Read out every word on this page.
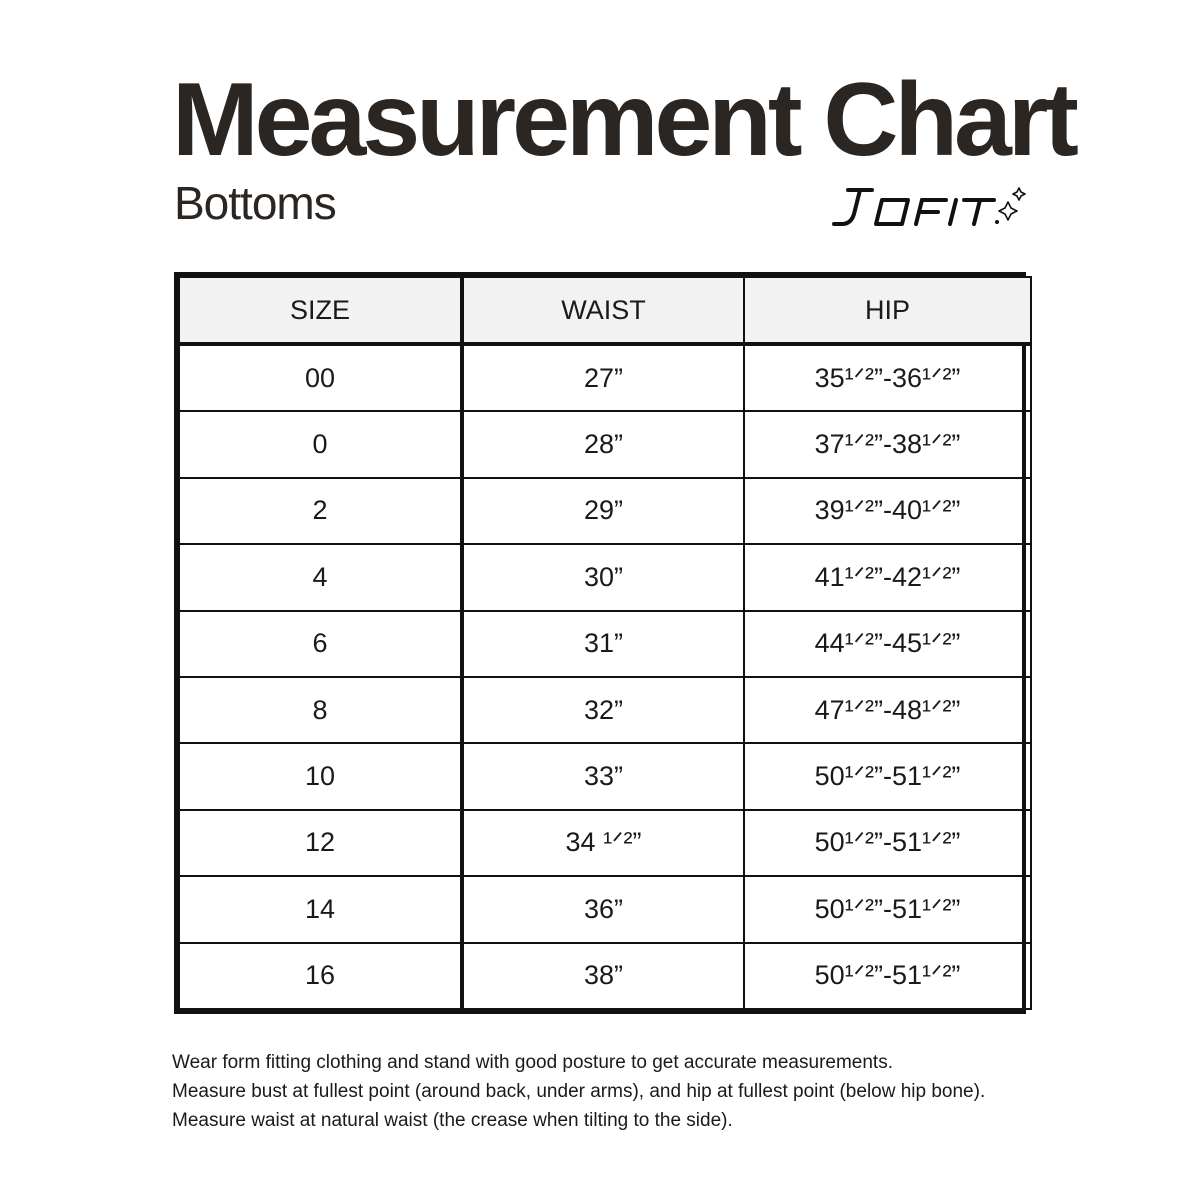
Measurement Chart
Bottoms
SIZE	WAIST	HIP
00	27”	35¹ᐟ²”-36¹ᐟ²”
0	28”	37¹ᐟ²”-38¹ᐟ²”
2	29”	39¹ᐟ²”-40¹ᐟ²”
4	30”	41¹ᐟ²”-42¹ᐟ²”
6	31”	44¹ᐟ²”-45¹ᐟ²”
8	32”	47¹ᐟ²”-48¹ᐟ²”
10	33”	50¹ᐟ²”-51¹ᐟ²”
12	34 ¹ᐟ²”	50¹ᐟ²”-51¹ᐟ²”
14	36”	50¹ᐟ²”-51¹ᐟ²”
16	38”	50¹ᐟ²”-51¹ᐟ²”

Wear form fitting clothing and stand with good posture to get accurate measurements.

Measure bust at fullest point (around back, under arms), and hip at fullest point (below hip bone).

Measure waist at natural waist (the crease when tilting to the side).
